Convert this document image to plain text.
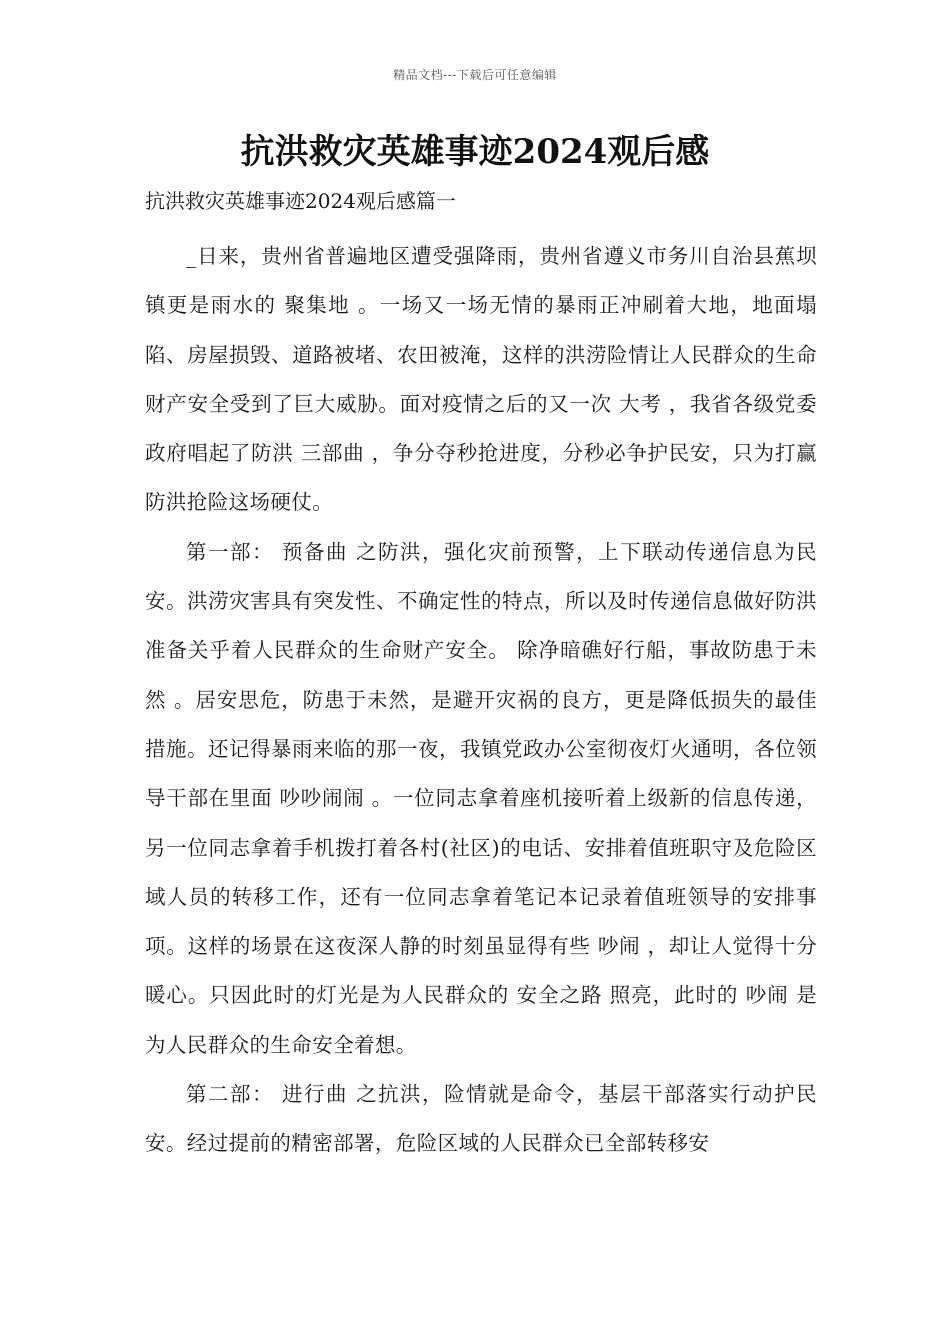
精品文档---下载后可任意编辑
抗洪救灾英雄事迹2024观后感

抗洪救灾英雄事迹2024观后感篇一

_日来，贵州省普遍地区遭受强降雨，贵州省遵义市务川自治县蕉坝镇更是雨水的 聚集地 。一场又一场无情的暴雨正冲刷着大地，地面塌陷、房屋损毁、道路被堵、农田被淹，这样的洪涝险情让人民群众的生命财产安全受到了巨大威胁。面对疫情之后的又一次 大考 ，我省各级党委政府唱起了防洪 三部曲 ，争分夺秒抢进度，分秒必争护民安，只为打赢防洪抢险这场硬仗。

第一部： 预备曲 之防洪，强化灾前预警，上下联动传递信息为民安。洪涝灾害具有突发性、不确定性的特点，所以及时传递信息做好防洪准备关乎着人民群众的生命财产安全。 除净暗礁好行船，事故防患于未然 。居安思危，防患于未然，是避开灾祸的良方，更是降低损失的最佳措施。还记得暴雨来临的那一夜，我镇党政办公室彻夜灯火通明，各位领导干部在里面 吵吵闹闹 。一位同志拿着座机接听着上级新的信息传递，另一位同志拿着手机拨打着各村(社区)的电话、安排着值班职守及危险区域人员的转移工作，还有一位同志拿着笔记本记录着值班领导的安排事项。这样的场景在这夜深人静的时刻虽显得有些 吵闹 ，却让人觉得十分暖心。只因此时的灯光是为人民群众的 安全之路 照亮，此时的 吵闹 是为人民群众的生命安全着想。

第二部： 进行曲 之抗洪，险情就是命令，基层干部落实行动护民安。经过提前的精密部署，危险区域的人民群众已全部转移安
